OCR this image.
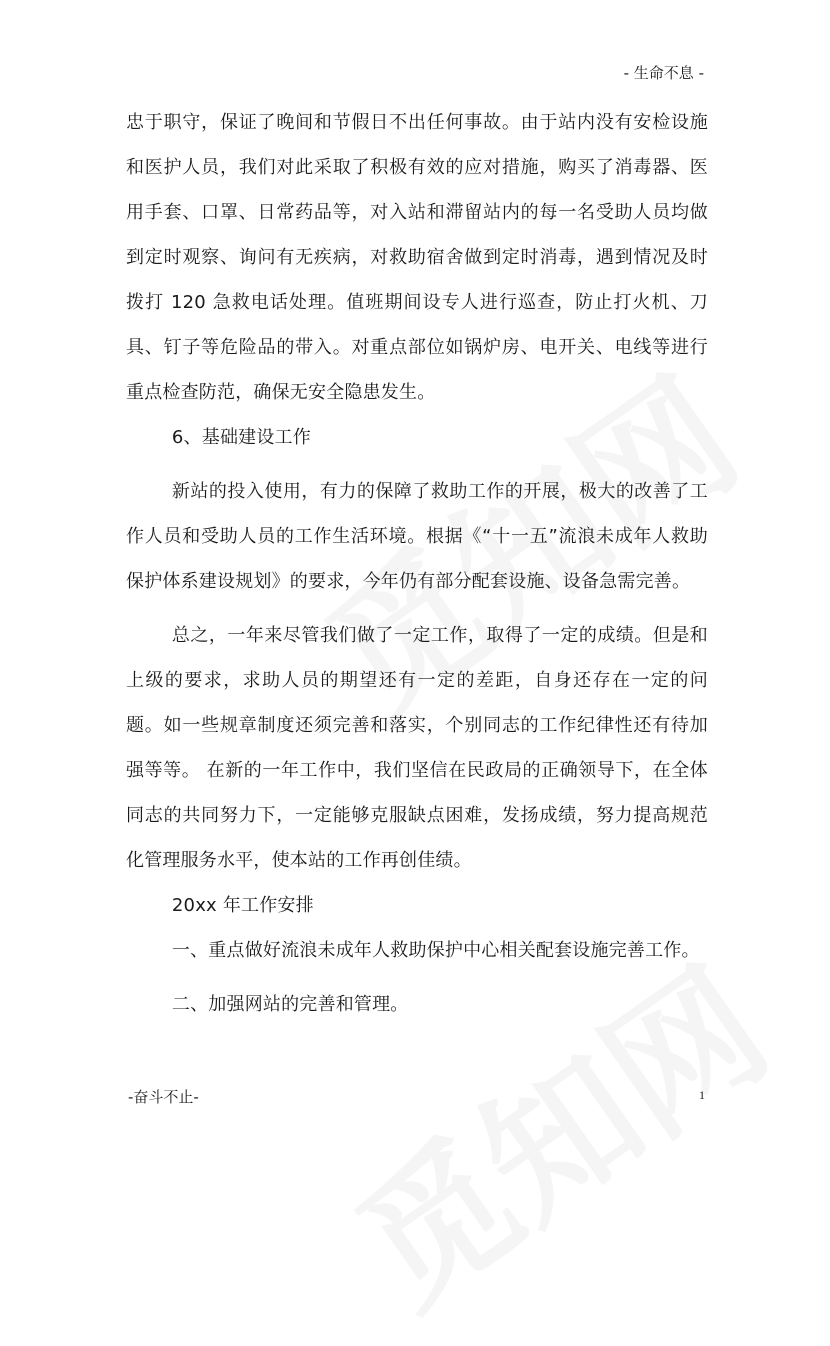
- 生命不息 -

忠于职守，保证了晚间和节假日不出任何事故。由于站内没有安检设施和医护人员，我们对此采取了积极有效的应对措施，购买了消毒器、医用手套、口罩、日常药品等，对入站和滞留站内的每一名受助人员均做到定时观察、询问有无疾病，对救助宿舍做到定时消毒，遇到情况及时拨打 120 急救电话处理。值班期间设专人进行巡查，防止打火机、刀具、钉子等危险品的带入。对重点部位如锅炉房、电开关、电线等进行重点检查防范，确保无安全隐患发生。

6、基础建设工作

新站的投入使用，有力的保障了救助工作的开展，极大的改善了工作人员和受助人员的工作生活环境。根据《“十一五”流浪未成年人救助保护体系建设规划》的要求，今年仍有部分配套设施、设备急需完善。

总之，一年来尽管我们做了一定工作，取得了一定的成绩。但是和上级的要求，求助人员的期望还有一定的差距，自身还存在一定的问题。如一些规章制度还须完善和落实，个别同志的工作纪律性还有待加强等等。 在新的一年工作中，我们坚信在民政局的正确领导下，在全体同志的共同努力下，一定能够克服缺点困难，发扬成绩，努力提高规范化管理服务水平，使本站的工作再创佳绩。

20xx 年工作安排

一、重点做好流浪未成年人救助保护中心相关配套设施完善工作。

二、加强网站的完善和管理。

-奋斗不止-	1
